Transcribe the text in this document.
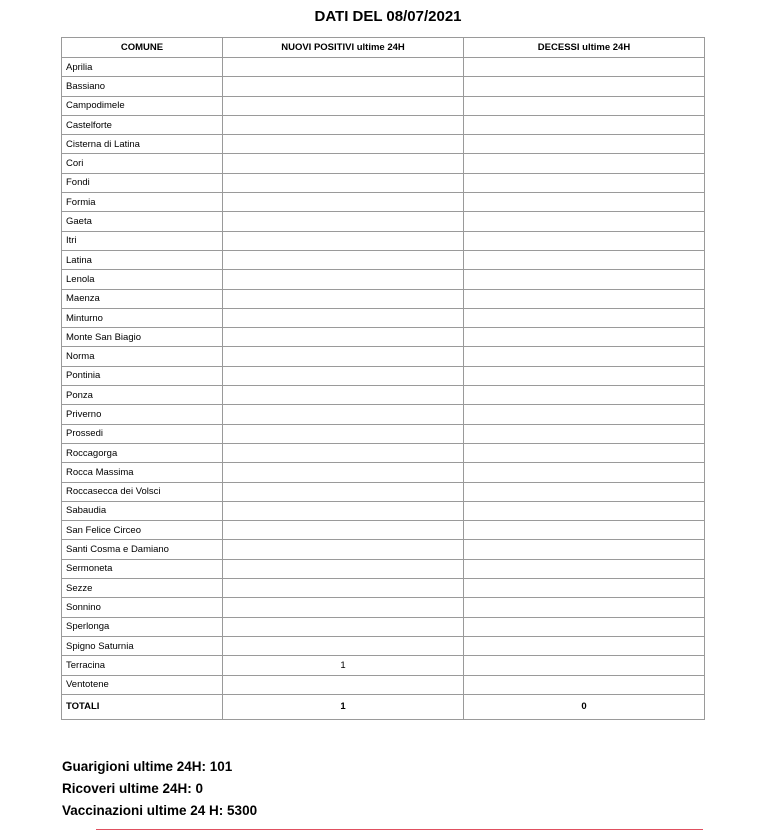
DATI DEL 08/07/2021
COMUNE	NUOVI POSITIVI ultime 24H	DECESSI ultime 24H
Aprilia		
Bassiano		
Campodimele		
Castelforte		
Cisterna di Latina		
Cori		
Fondi		
Formia		
Gaeta		
Itri		
Latina		
Lenola		
Maenza		
Minturno		
Monte San Biagio		
Norma		
Pontinia		
Ponza		
Priverno		
Prossedi		
Roccagorga		
Rocca Massima		
Roccasecca dei Volsci		
Sabaudia		
San Felice Circeo		
Santi Cosma e Damiano		
Sermoneta		
Sezze		
Sonnino		
Sperlonga		
Spigno Saturnia		
Terracina	1	
Ventotene		
TOTALI	1	0
Guarigioni ultime 24H: 101
Ricoveri ultime 24H: 0
Vaccinazioni ultime 24 H: 5300
